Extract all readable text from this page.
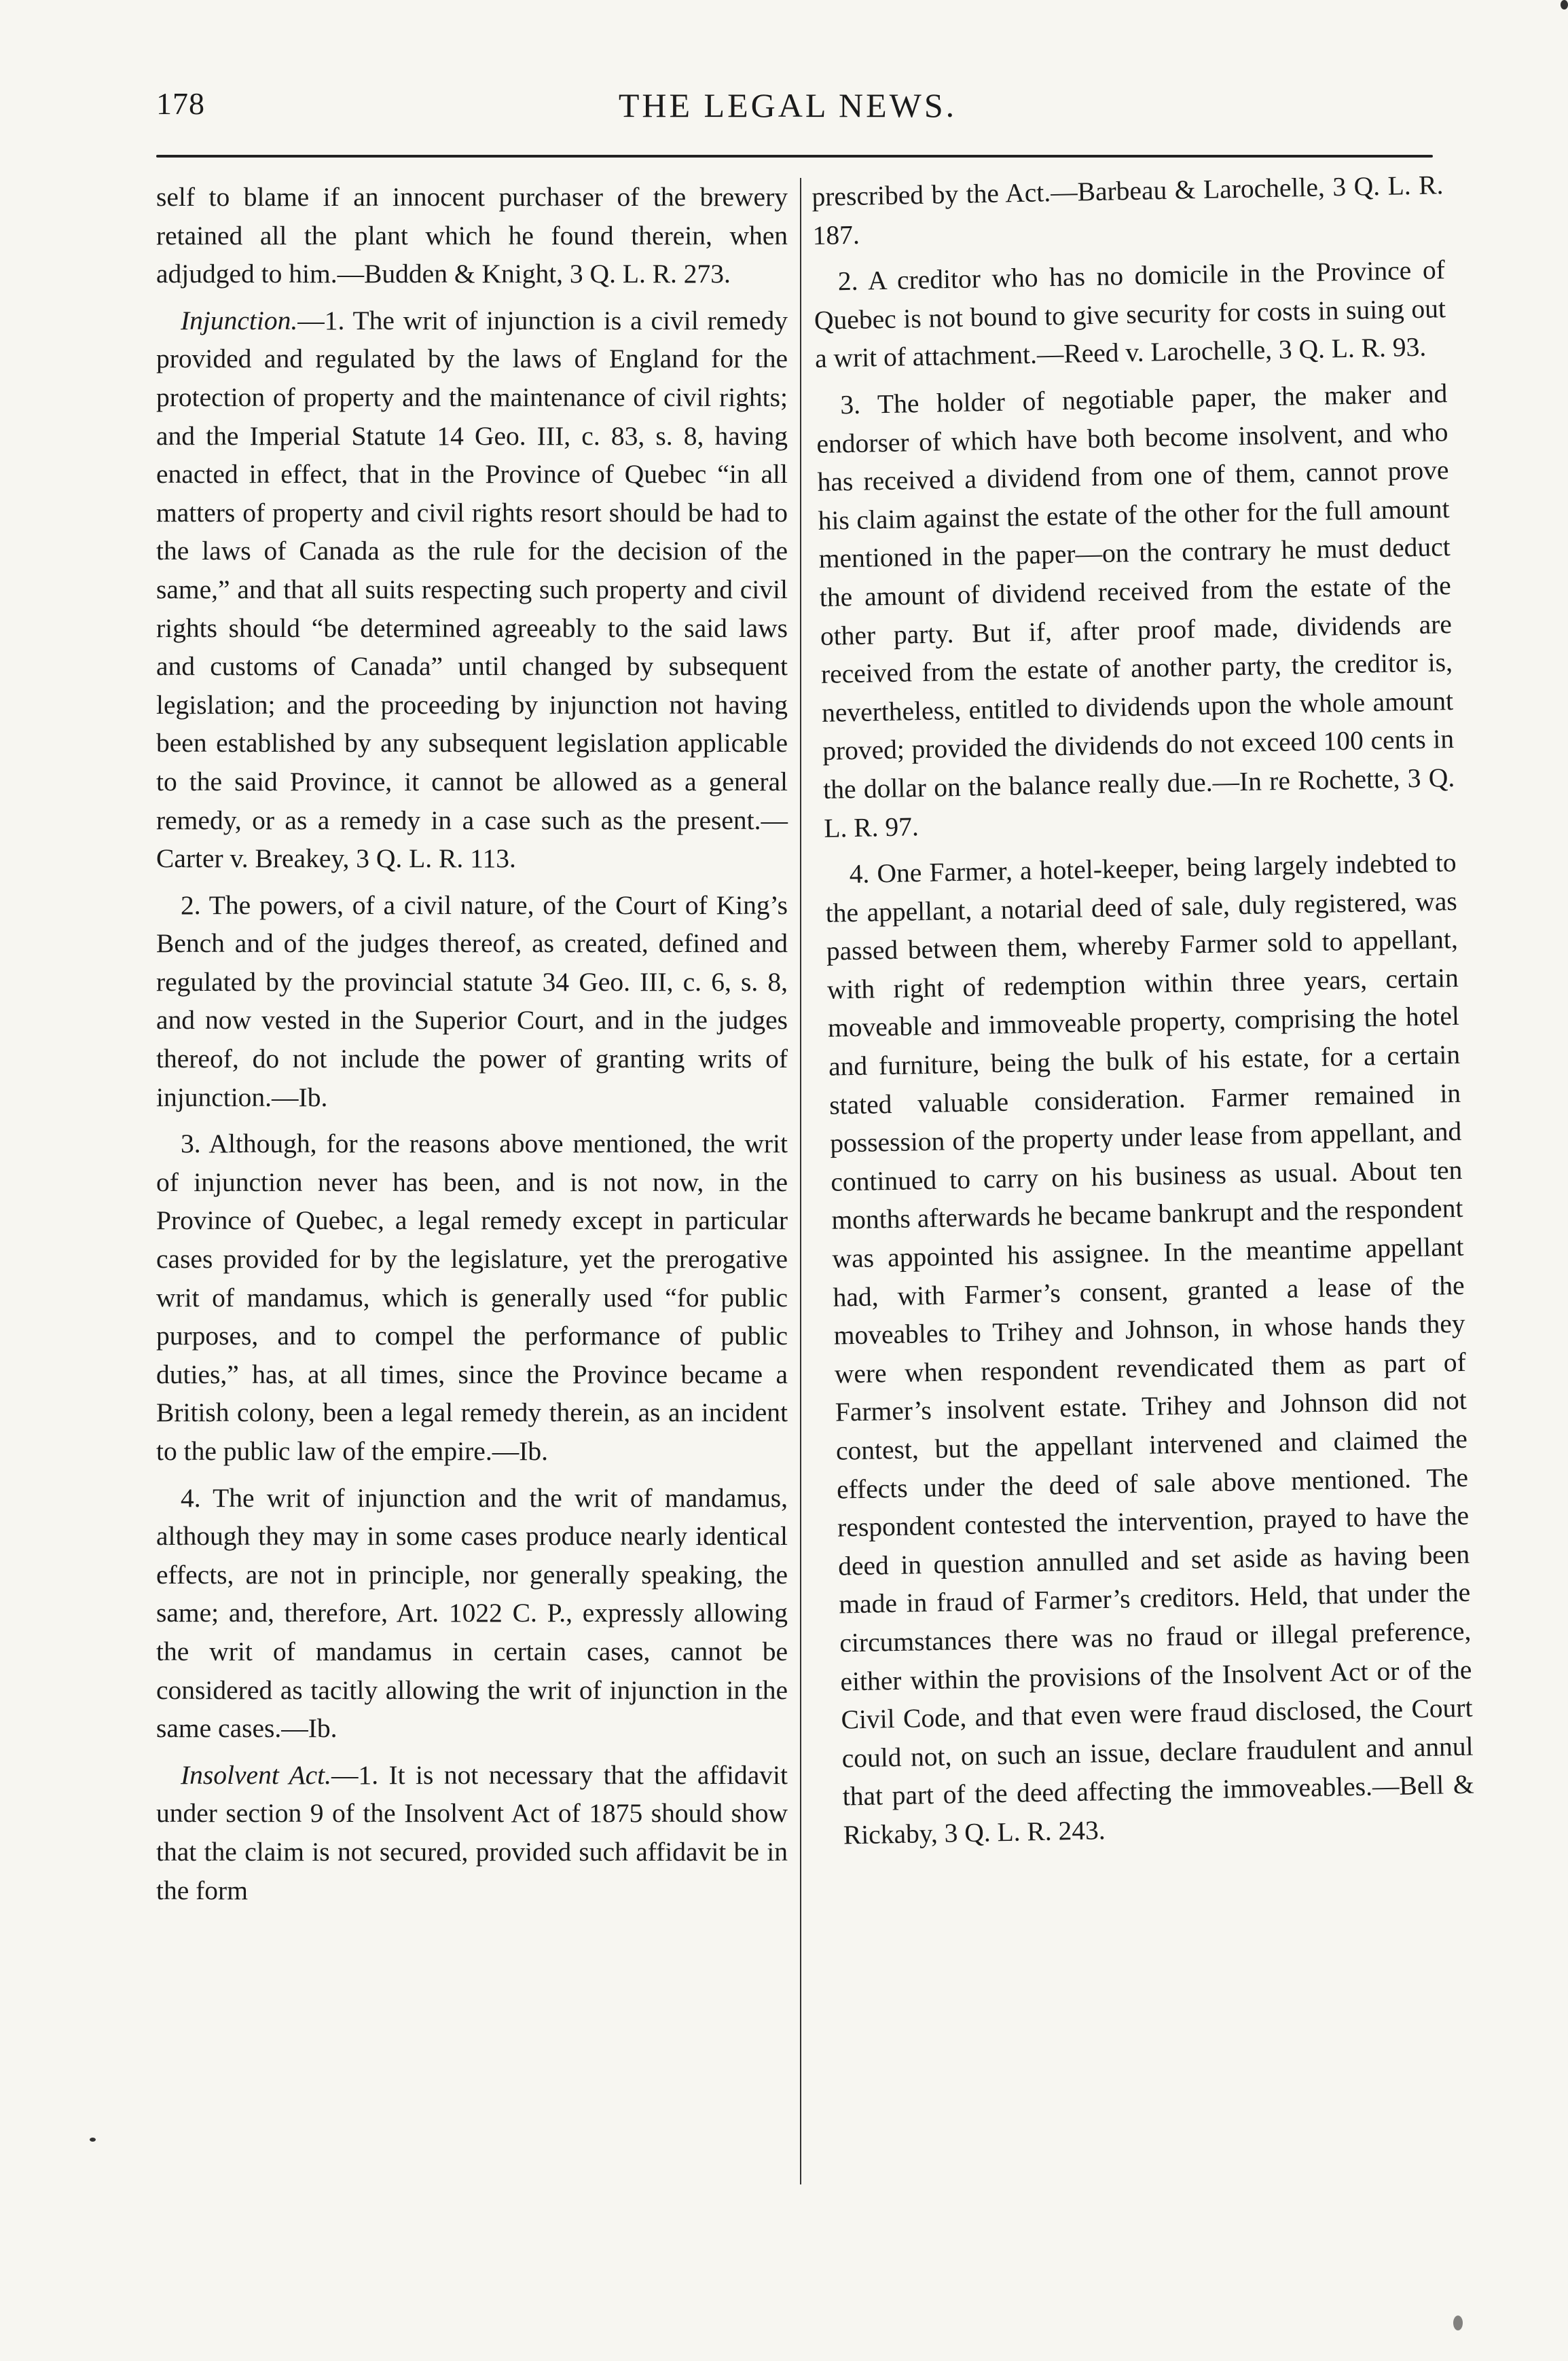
178	THE LEGAL NEWS.

self to blame if an innocent purchaser of the brewery retained all the plant which he found therein, when adjudged to him.—Budden & Knight, 3 Q. L. R. 273.

Injunction.—1. The writ of injunction is a civil remedy provided and regulated by the laws of England for the protection of property and the maintenance of civil rights; and the Imperial Statute 14 Geo. III, c. 83, s. 8, having enacted in effect, that in the Province of Quebec “in all matters of property and civil rights resort should be had to the laws of Canada as the rule for the decision of the same,” and that all suits respecting such property and civil rights should “be determined agreeably to the said laws and customs of Canada” until changed by subsequent legislation; and the proceeding by injunction not having been established by any subsequent legislation applicable to the said Province, it cannot be allowed as a general remedy, or as a remedy in a case such as the present.—Carter v. Breakey, 3 Q. L. R. 113.

2. The powers, of a civil nature, of the Court of King’s Bench and of the judges thereof, as created, defined and regulated by the provincial statute 34 Geo. III, c. 6, s. 8, and now vested in the Superior Court, and in the judges thereof, do not include the power of granting writs of injunction.—Ib.

3. Although, for the reasons above mentioned, the writ of injunction never has been, and is not now, in the Province of Quebec, a legal remedy except in particular cases provided for by the legislature, yet the prerogative writ of mandamus, which is generally used “for public purposes, and to compel the performance of public duties,” has, at all times, since the Province became a British colony, been a legal remedy therein, as an incident to the public law of the empire.—Ib.

4. The writ of injunction and the writ of mandamus, although they may in some cases produce nearly identical effects, are not in principle, nor generally speaking, the same; and, therefore, Art. 1022 C. P., expressly allowing the writ of mandamus in certain cases, cannot be considered as tacitly allowing the writ of injunction in the same cases.—Ib.

Insolvent Act.—1. It is not necessary that the affidavit under section 9 of the Insolvent Act of 1875 should show that the claim is not secured, provided such affidavit be in the form

prescribed by the Act.—Barbeau & Larochelle, 3 Q. L. R. 187.

2. A creditor who has no domicile in the Province of Quebec is not bound to give security for costs in suing out a writ of attachment.—Reed v. Larochelle, 3 Q. L. R. 93.

3. The holder of negotiable paper, the maker and endorser of which have both become insolvent, and who has received a dividend from one of them, cannot prove his claim against the estate of the other for the full amount mentioned in the paper—on the contrary he must deduct the amount of dividend received from the estate of the other party. But if, after proof made, dividends are received from the estate of another party, the creditor is, nevertheless, entitled to dividends upon the whole amount proved; provided the dividends do not exceed 100 cents in the dollar on the balance really due.—In re Rochette, 3 Q. L. R. 97.

4. One Farmer, a hotel-keeper, being largely indebted to the appellant, a notarial deed of sale, duly registered, was passed between them, whereby Farmer sold to appellant, with right of redemption within three years, certain moveable and immoveable property, comprising the hotel and furniture, being the bulk of his estate, for a certain stated valuable consideration. Farmer remained in possession of the property under lease from appellant, and continued to carry on his business as usual. About ten months afterwards he became bankrupt and the respondent was appointed his assignee. In the meantime appellant had, with Farmer’s consent, granted a lease of the moveables to Trihey and Johnson, in whose hands they were when respondent revendicated them as part of Farmer’s insolvent estate. Trihey and Johnson did not contest, but the appellant intervened and claimed the effects under the deed of sale above mentioned. The respondent contested the intervention, prayed to have the deed in question annulled and set aside as having been made in fraud of Farmer’s creditors. Held, that under the circumstances there was no fraud or illegal preference, either within the provisions of the Insolvent Act or of the Civil Code, and that even were fraud disclosed, the Court could not, on such an issue, declare fraudulent and annul that part of the deed affecting the immoveables.—Bell & Rickaby, 3 Q. L. R. 243.
